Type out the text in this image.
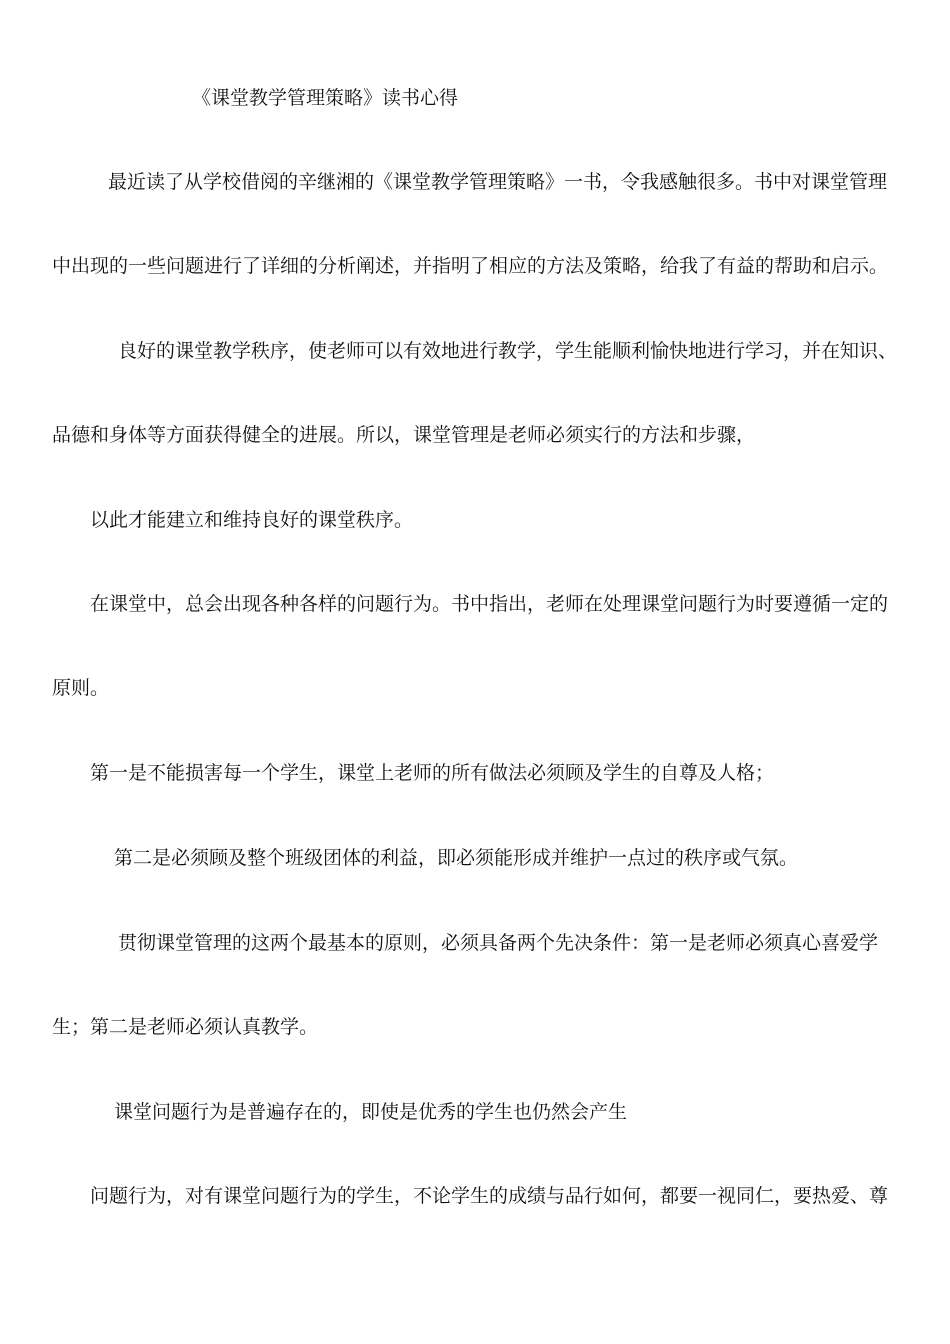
《课堂教学管理策略》读书心得
最近读了从学校借阅的辛继湘的《课堂教学管理策略》一书，令我感触很多。书中对课堂管理
中出现的一些问题进行了详细的分析阐述，并指明了相应的方法及策略，给我了有益的帮助和启示。
良好的课堂教学秩序，使老师可以有效地进行教学，学生能顺利愉快地进行学习，并在知识、
品德和身体等方面获得健全的进展。所以，课堂管理是老师必须实行的方法和步骤，
以此才能建立和维持良好的课堂秩序。
在课堂中，总会出现各种各样的问题行为。书中指出，老师在处理课堂问题行为时要遵循一定的
原则。
第一是不能损害每一个学生，课堂上老师的所有做法必须顾及学生的自尊及人格；
第二是必须顾及整个班级团体的利益，即必须能形成并维护一点过的秩序或气氛。
贯彻课堂管理的这两个最基本的原则，必须具备两个先决条件：第一是老师必须真心喜爱学
生；第二是老师必须认真教学。
课堂问题行为是普遍存在的，即使是优秀的学生也仍然会产生
问题行为，对有课堂问题行为的学生，不论学生的成绩与品行如何，都要一视同仁，要热爱、尊
